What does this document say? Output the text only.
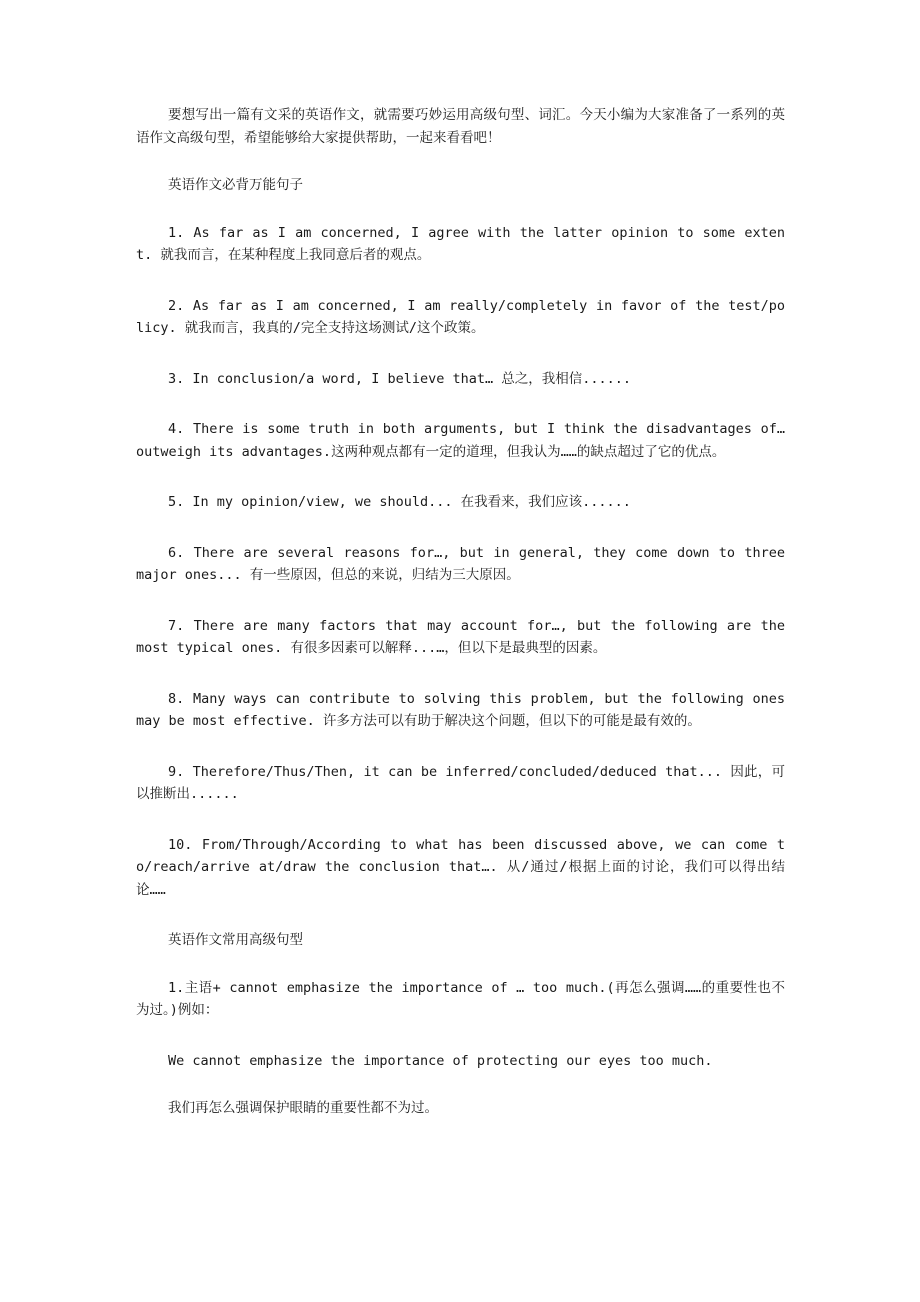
要想写出一篇有文采的英语作文，就需要巧妙运用高级句型、词汇。今天小编为大家准备了一系列的英语作文高级句型，希望能够给大家提供帮助，一起来看看吧！

英语作文必背万能句子

1. As far as I am concerned, I agree with the latter opinion to some extent. 就我而言，在某种程度上我同意后者的观点。

2. As far as I am concerned, I am really/completely in favor of the test/policy. 就我而言，我真的/完全支持这场测试/这个政策。

3. In conclusion/a word, I believe that… 总之，我相信......

4. There is some truth in both arguments, but I think the disadvantages of…outweigh its advantages.这两种观点都有一定的道理，但我认为……的缺点超过了它的优点。

5. In my opinion/view, we should... 在我看来，我们应该......

6. There are several reasons for…, but in general, they come down to three major ones... 有一些原因，但总的来说，归结为三大原因。

7. There are many factors that may account for…, but the following are the most typical ones. 有很多因素可以解释...…，但以下是最典型的因素。

8. Many ways can contribute to solving this problem, but the following ones may be most effective. 许多方法可以有助于解决这个问题，但以下的可能是最有效的。

9. Therefore/Thus/Then, it can be inferred/concluded/deduced that... 因此，可以推断出......

10. From/Through/According to what has been discussed above, we can come to/reach/arrive at/draw the conclusion that…. 从/通过/根据上面的讨论，我们可以得出结论……

英语作文常用高级句型

1.主语+ cannot emphasize the importance of … too much.(再怎么强调……的重要性也不为过。)例如：

We cannot emphasize the importance of protecting our eyes too much.

我们再怎么强调保护眼睛的重要性都不为过。
